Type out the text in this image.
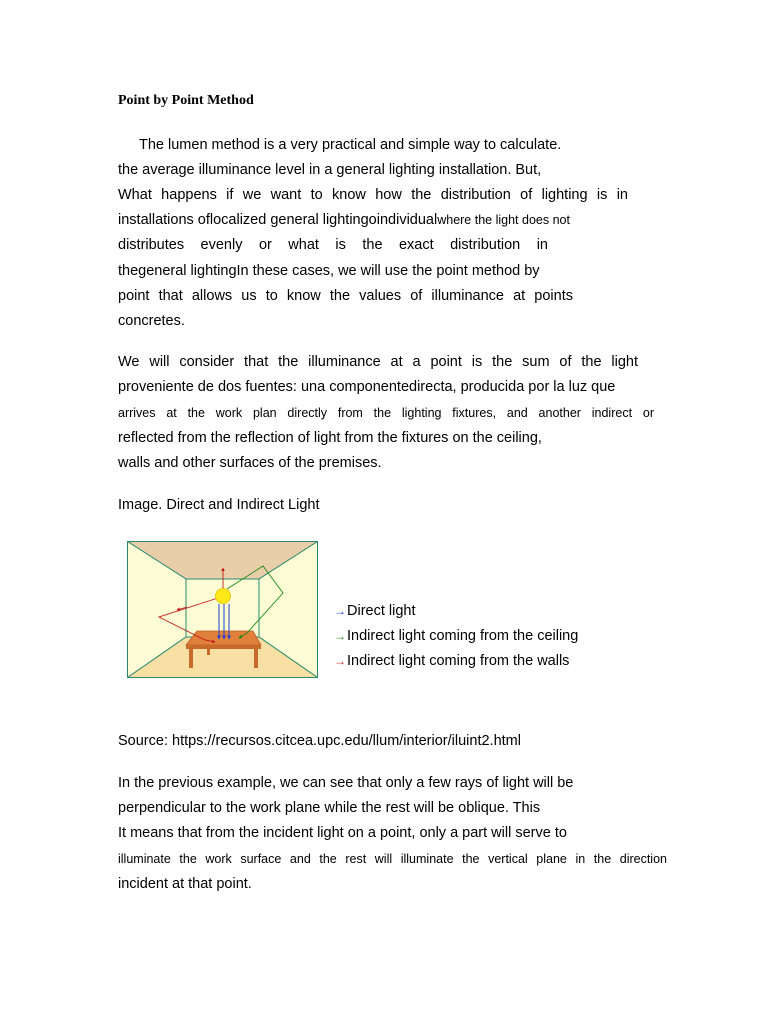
Point by Point Method

The lumen method is a very practical and simple way to calculate.

the average illuminance level in a general lighting installation. But,

What happens if we want to know how the distribution of lighting is in

installations oflocalized general lightingoindividualwhere the light does not

distributes evenly or what is the exact distribution in

thegeneral lightingIn these cases, we will use the point method by

point that allows us to know the values of illuminance at points

concretes.

We will consider that the illuminance at a point is the sum of the light

proveniente de dos fuentes: una componentedirecta, producida por la luz que

arrives at the work plan directly from the lighting fixtures, and another indirect or

reflected from the reflection of light from the fixtures on the ceiling,

walls and other surfaces of the premises.

Image. Direct and Indirect Light

→Direct light
→Indirect light coming from the ceiling
→Indirect light coming from the walls

Source: https://recursos.citcea.upc.edu/llum/interior/iluint2.html

In the previous example, we can see that only a few rays of light will be

perpendicular to the work plane while the rest will be oblique. This

It means that from the incident light on a point, only a part will serve to

illuminate the work surface and the rest will illuminate the vertical plane in the direction

incident at that point.
